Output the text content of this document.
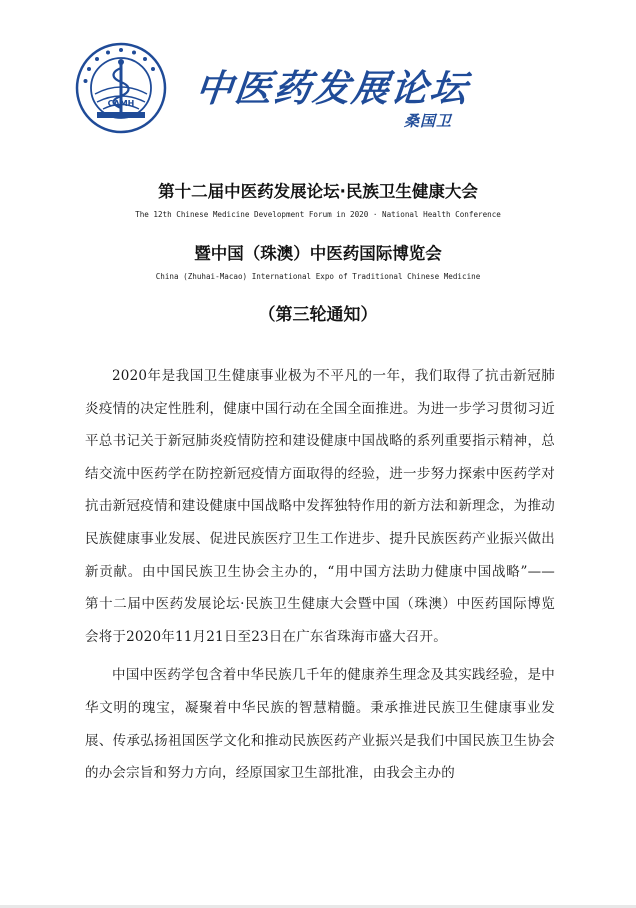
CAMH 中医药发展论坛
桑国卫
第十二届中医药发展论坛·民族卫生健康大会
The 12th Chinese Medicine Development Forum in 2020 · National Health Conference
暨中国（珠澳）中医药国际博览会
China (Zhuhai-Macao) International Expo of Traditional Chinese Medicine
（第三轮通知）

2020年是我国卫生健康事业极为不平凡的一年，我们取得了抗击新冠肺炎疫情的决定性胜利，健康中国行动在全国全面推进。为进一步学习贯彻习近平总书记关于新冠肺炎疫情防控和建设健康中国战略的系列重要指示精神，总结交流中医药学在防控新冠疫情方面取得的经验，进一步努力探索中医药学对抗击新冠疫情和建设健康中国战略中发挥独特作用的新方法和新理念，为推动民族健康事业发展、促进民族医疗卫生工作进步、提升民族医药产业振兴做出新贡献。由中国民族卫生协会主办的，“用中国方法助力健康中国战略”—— 第十二届中医药发展论坛·民族卫生健康大会暨中国（珠澳）中医药国际博览会将于2020年11月21日至23日在广东省珠海市盛大召开。

中国中医药学包含着中华民族几千年的健康养生理念及其实践经验，是中华文明的瑰宝，凝聚着中华民族的智慧精髓。秉承推进民族卫生健康事业发展、传承弘扬祖国医学文化和推动民族医药产业振兴是我们中国民族卫生协会的办会宗旨和努力方向，经原国家卫生部批准，由我会主办的
